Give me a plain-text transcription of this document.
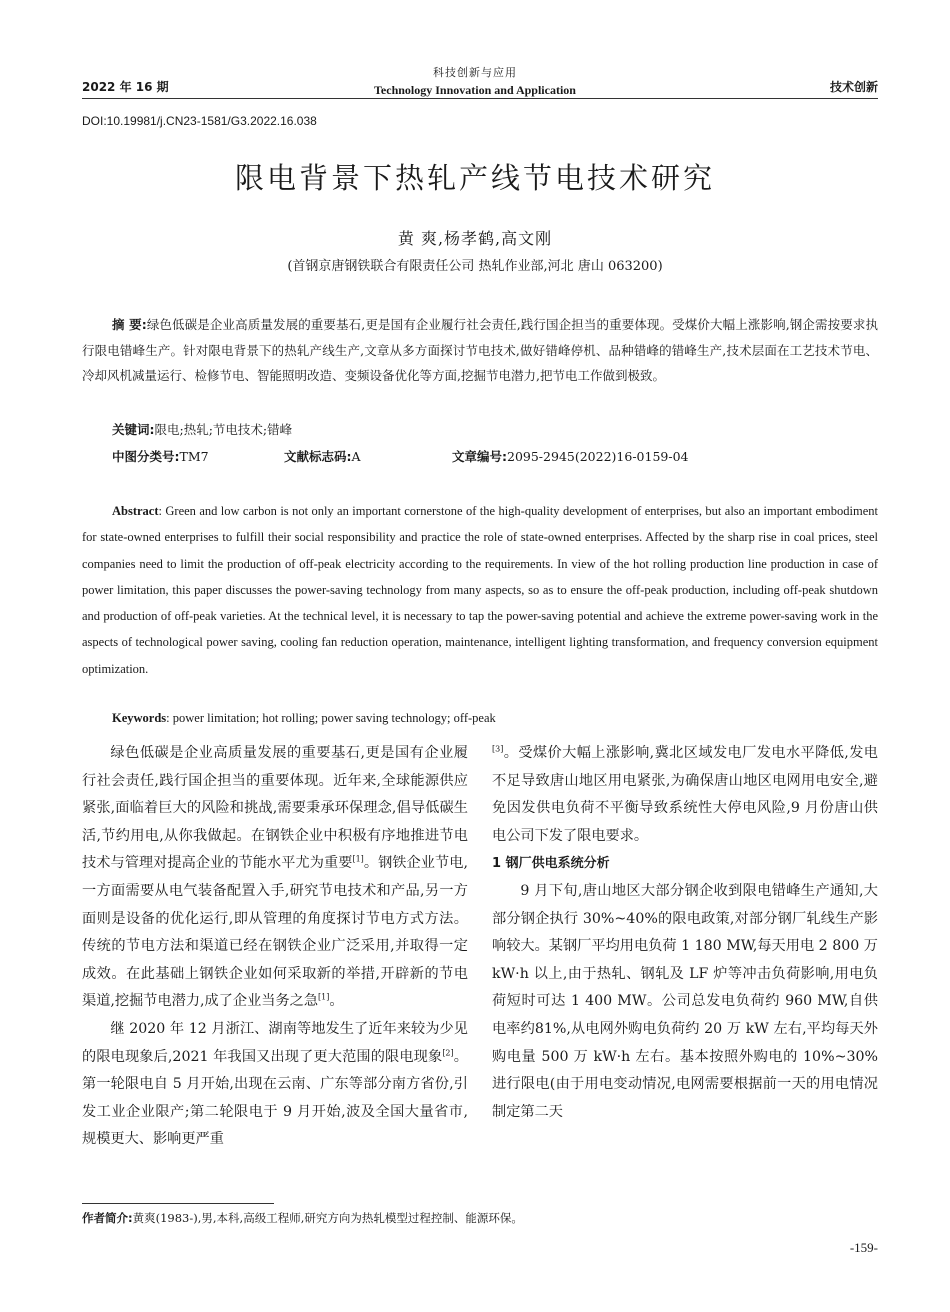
2022 年 16 期
科技创新与应用
Technology Innovation and Application	技术创新
DOI:10.19981/j.CN23-1581/G3.2022.16.038
限电背景下热轧产线节电技术研究
黄 爽,杨孝鹤,高文刚
(首钢京唐钢铁联合有限责任公司 热轧作业部,河北 唐山 063200)
摘 要:绿色低碳是企业高质量发展的重要基石,更是国有企业履行社会责任,践行国企担当的重要体现。受煤价大幅上涨影响,钢企需按要求执行限电错峰生产。针对限电背景下的热轧产线生产,文章从多方面探讨节电技术,做好错峰停机、品种错峰的错峰生产,技术层面在工艺技术节电、冷却风机减量运行、检修节电、智能照明改造、变频设备优化等方面,挖掘节电潜力,把节电工作做到极致。
关键词:限电;热轧;节电技术;错峰
中图分类号:TM7	文献标志码:A	文章编号:2095-2945(2022)16-0159-04
Abstract: Green and low carbon is not only an important cornerstone of the high-quality development of enterprises, but also an important embodiment for state-owned enterprises to fulfill their social responsibility and practice the role of state-owned enterprises. Affected by the sharp rise in coal prices, steel companies need to limit the production of off-peak electricity according to the requirements. In view of the hot rolling production line production in case of power limitation, this paper discusses the power-saving technology from many aspects, so as to ensure the off-peak production, including off-peak shutdown and production of off-peak varieties. At the technical level, it is necessary to tap the power-saving potential and achieve the extreme power-saving work in the aspects of technological power saving, cooling fan reduction operation, maintenance, intelligent lighting transformation, and frequency conversion equipment optimization.
Keywords: power limitation; hot rolling; power saving technology; off-peak

绿色低碳是企业高质量发展的重要基石,更是国有企业履行社会责任,践行国企担当的重要体现。近年来,全球能源供应紧张,面临着巨大的风险和挑战,需要秉承环保理念,倡导低碳生活,节约用电,从你我做起。在钢铁企业中积极有序地推进节电技术与管理对提高企业的节能水平尤为重要[1]。钢铁企业节电,一方面需要从电气装备配置入手,研究节电技术和产品,另一方面则是设备的优化运行,即从管理的角度探讨节电方式方法。传统的节电方法和渠道已经在钢铁企业广泛采用,并取得一定成效。在此基础上钢铁企业如何采取新的举措,开辟新的节电渠道,挖掘节电潜力,成了企业当务之急[1]。

继 2020 年 12 月浙江、湖南等地发生了近年来较为少见的限电现象后,2021 年我国又出现了更大范围的限电现象[2]。第一轮限电自 5 月开始,出现在云南、广东等部分南方省份,引发工业企业限产;第二轮限电于 9 月开始,波及全国大量省市,规模更大、影响更严重

[3]。受煤价大幅上涨影响,冀北区域发电厂发电水平降低,发电不足导致唐山地区用电紧张,为确保唐山地区电网用电安全,避免因发供电负荷不平衡导致系统性大停电风险,9 月份唐山供电公司下发了限电要求。

1 钢厂供电系统分析

9 月下旬,唐山地区大部分钢企收到限电错峰生产通知,大部分钢企执行 30%~40%的限电政策,对部分钢厂轧线生产影响较大。某钢厂平均用电负荷 1 180 MW,每天用电 2 800 万 kW·h 以上,由于热轧、钢轧及 LF 炉等冲击负荷影响,用电负荷短时可达 1 400 MW。公司总发电负荷约 960 MW,自供电率约81%,从电网外购电负荷约 20 万 kW 左右,平均每天外购电量 500 万 kW·h 左右。基本按照外购电的 10%~30%进行限电(由于用电变动情况,电网需要根据前一天的用电情况制定第二天

作者简介:黄爽(1983-),男,本科,高级工程师,研究方向为热轧模型过程控制、能源环保。
-159-
